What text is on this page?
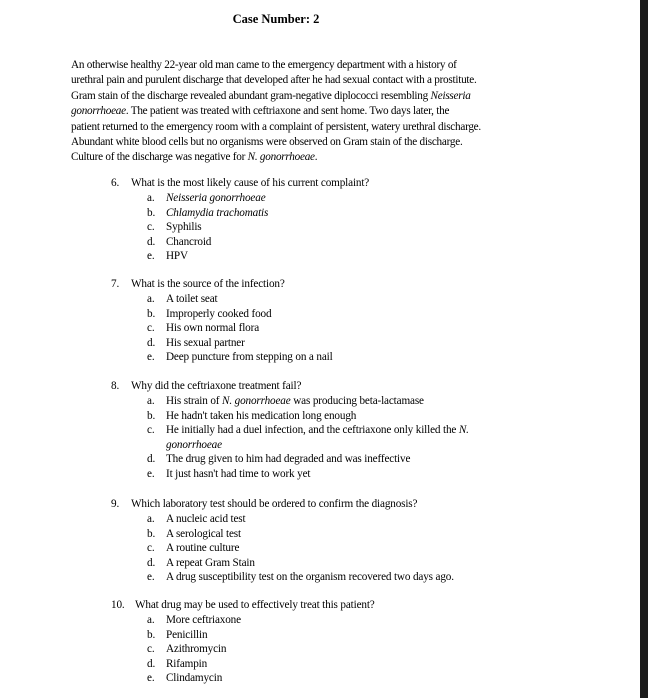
Case Number: 2
An otherwise healthy 22-year old man came to the emergency department with a history of
urethral pain and purulent discharge that developed after he had sexual contact with a prostitute.
Gram stain of the discharge revealed abundant gram-negative diplococci resembling Neisseria
gonorrhoeae. The patient was treated with ceftriaxone and sent home. Two days later, the
patient returned to the emergency room with a complaint of persistent, watery urethral discharge.
Abundant white blood cells but no organisms were observed on Gram stain of the discharge.
Culture of the discharge was negative for N. gonorrhoeae.
6. What is the most likely cause of his current complaint?
a.	Neisseria gonorrhoeae
b. Chlamydia trachomatis
c.	Syphilis
d. Chancroid
e.	HPV
7. What is the source of the infection?
a.	A toilet seat
b. Improperly cooked food
c.	His own normal flora
d. His sexual partner
e.	Deep puncture from stepping on a nail
8. Why did the ceftriaxone treatment fail?
a.	His strain of N. gonorrhoeae was producing beta-lactamase
b. He hadn't taken his medication long enough
c.	He initially had a duel infection, and the ceftriaxone only killed the N.
gonorrhoeae
d. The drug given to him had degraded and was ineffective
e.	It just hasn't had time to work yet
9. Which laboratory test should be ordered to confirm the diagnosis?
a.	A nucleic acid test
b. A serological test
c.	A routine culture
d. A repeat Gram Stain
e.	A drug susceptibility test on the organism recovered two days ago.
10. What drug may be used to effectively treat this patient?
a.	More ceftriaxone
b. Penicillin
c.	Azithromycin
d. Rifampin
e.	Clindamycin
